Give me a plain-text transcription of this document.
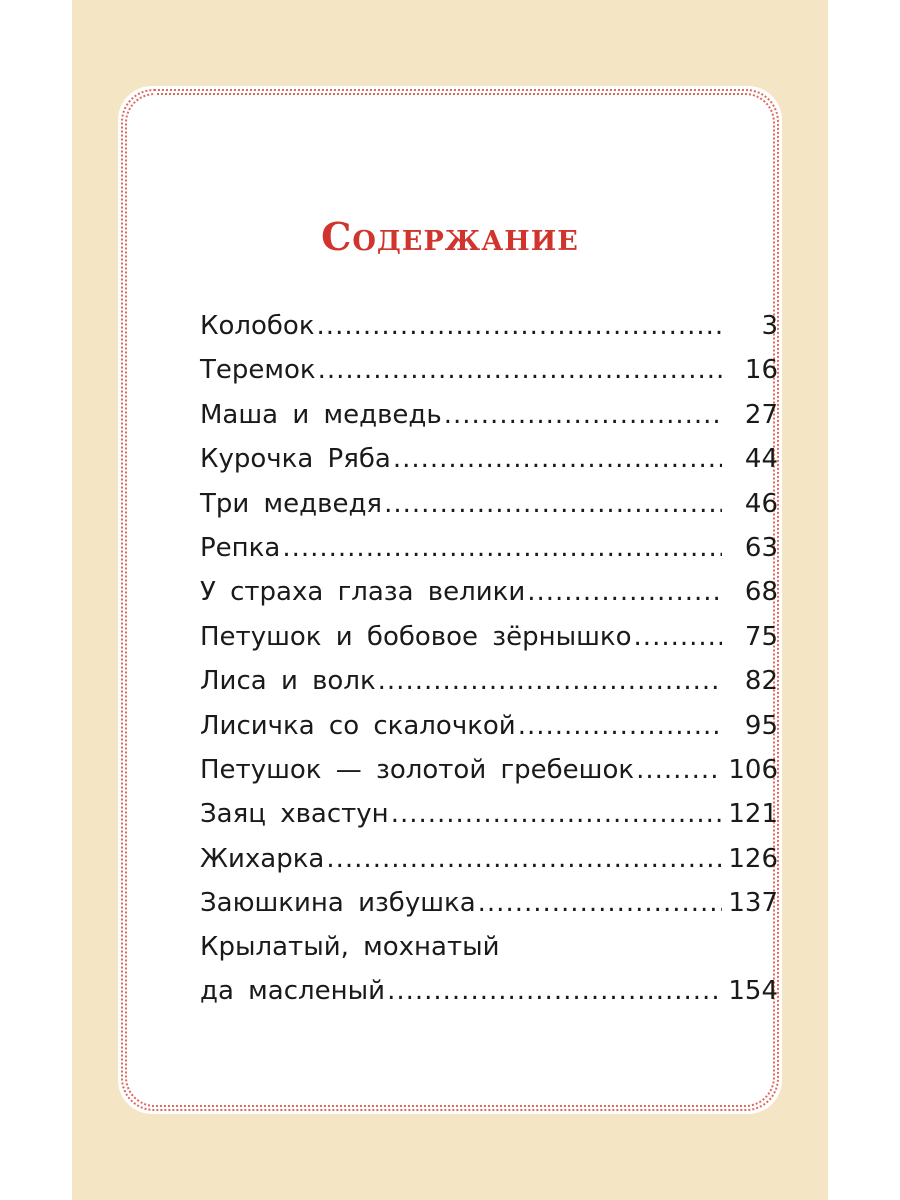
Содержание
Колобок .....	3
Теремок .....	16
Маша и медведь .....	27
Курочка Ряба .....	44
Три медведя .....	46
Репка .....	63
У страха глаза велики .....	68
Петушок и бобовое зёрнышко .....	75
Лиса и волк .....	82
Лисичка со скалочкой .....	95
Петушок — золотой гребешок .....	106
Заяц хвастун .....	121
Жихарка .....	126
Заюшкина избушка .....	137
Крылатый, мохнатый
да масленый .....	154
